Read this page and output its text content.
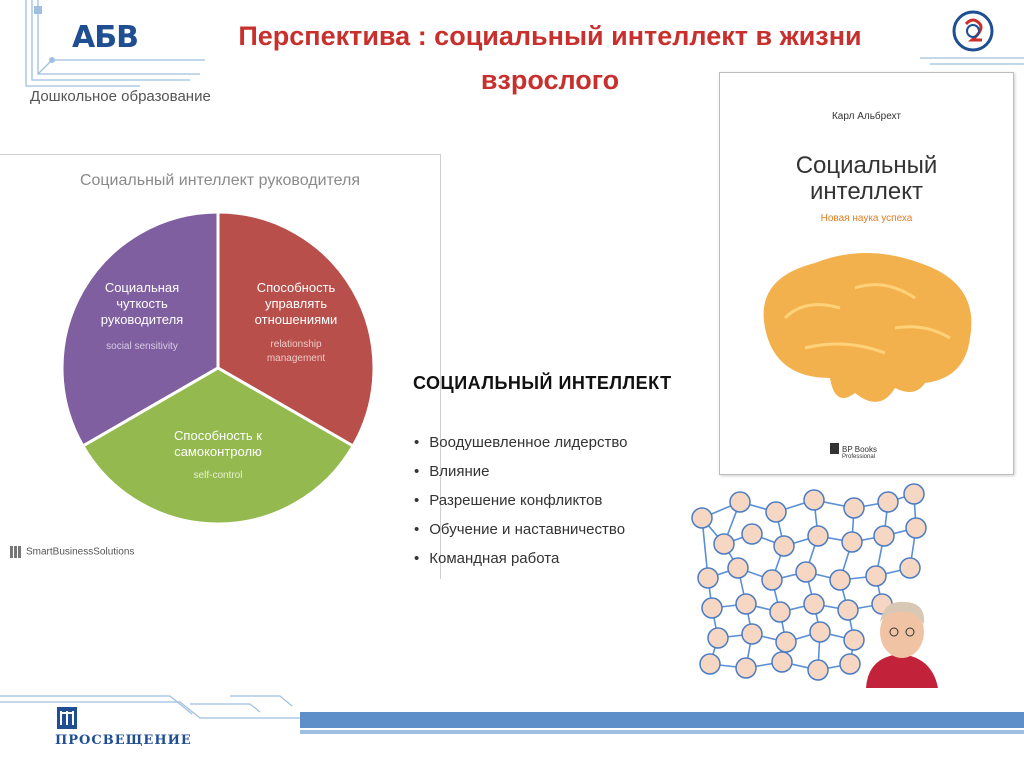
АБВ
Дошкольное образование
Перспектива : социальный интеллект в жизни
взрослого
Социальный интеллект руководителя
Социальная
чуткость
руководителя
social sensitivity
Способность
управлять
отношениями
relationship
management
Способность к
самоконтролю
self-control
SmartBusinessSolutions
Карл Альбрехт
Социальный
интеллект
Новая наука успеха
BP Books
Professional
СОЦИАЛЬНЫЙ ИНТЕЛЛЕКТ
• Воодушевленное лидерство
• Влияние
• Разрешение конфликтов
• Обучение и наставничество
• Командная работа
ПРОСВЕЩЕНИЕ
